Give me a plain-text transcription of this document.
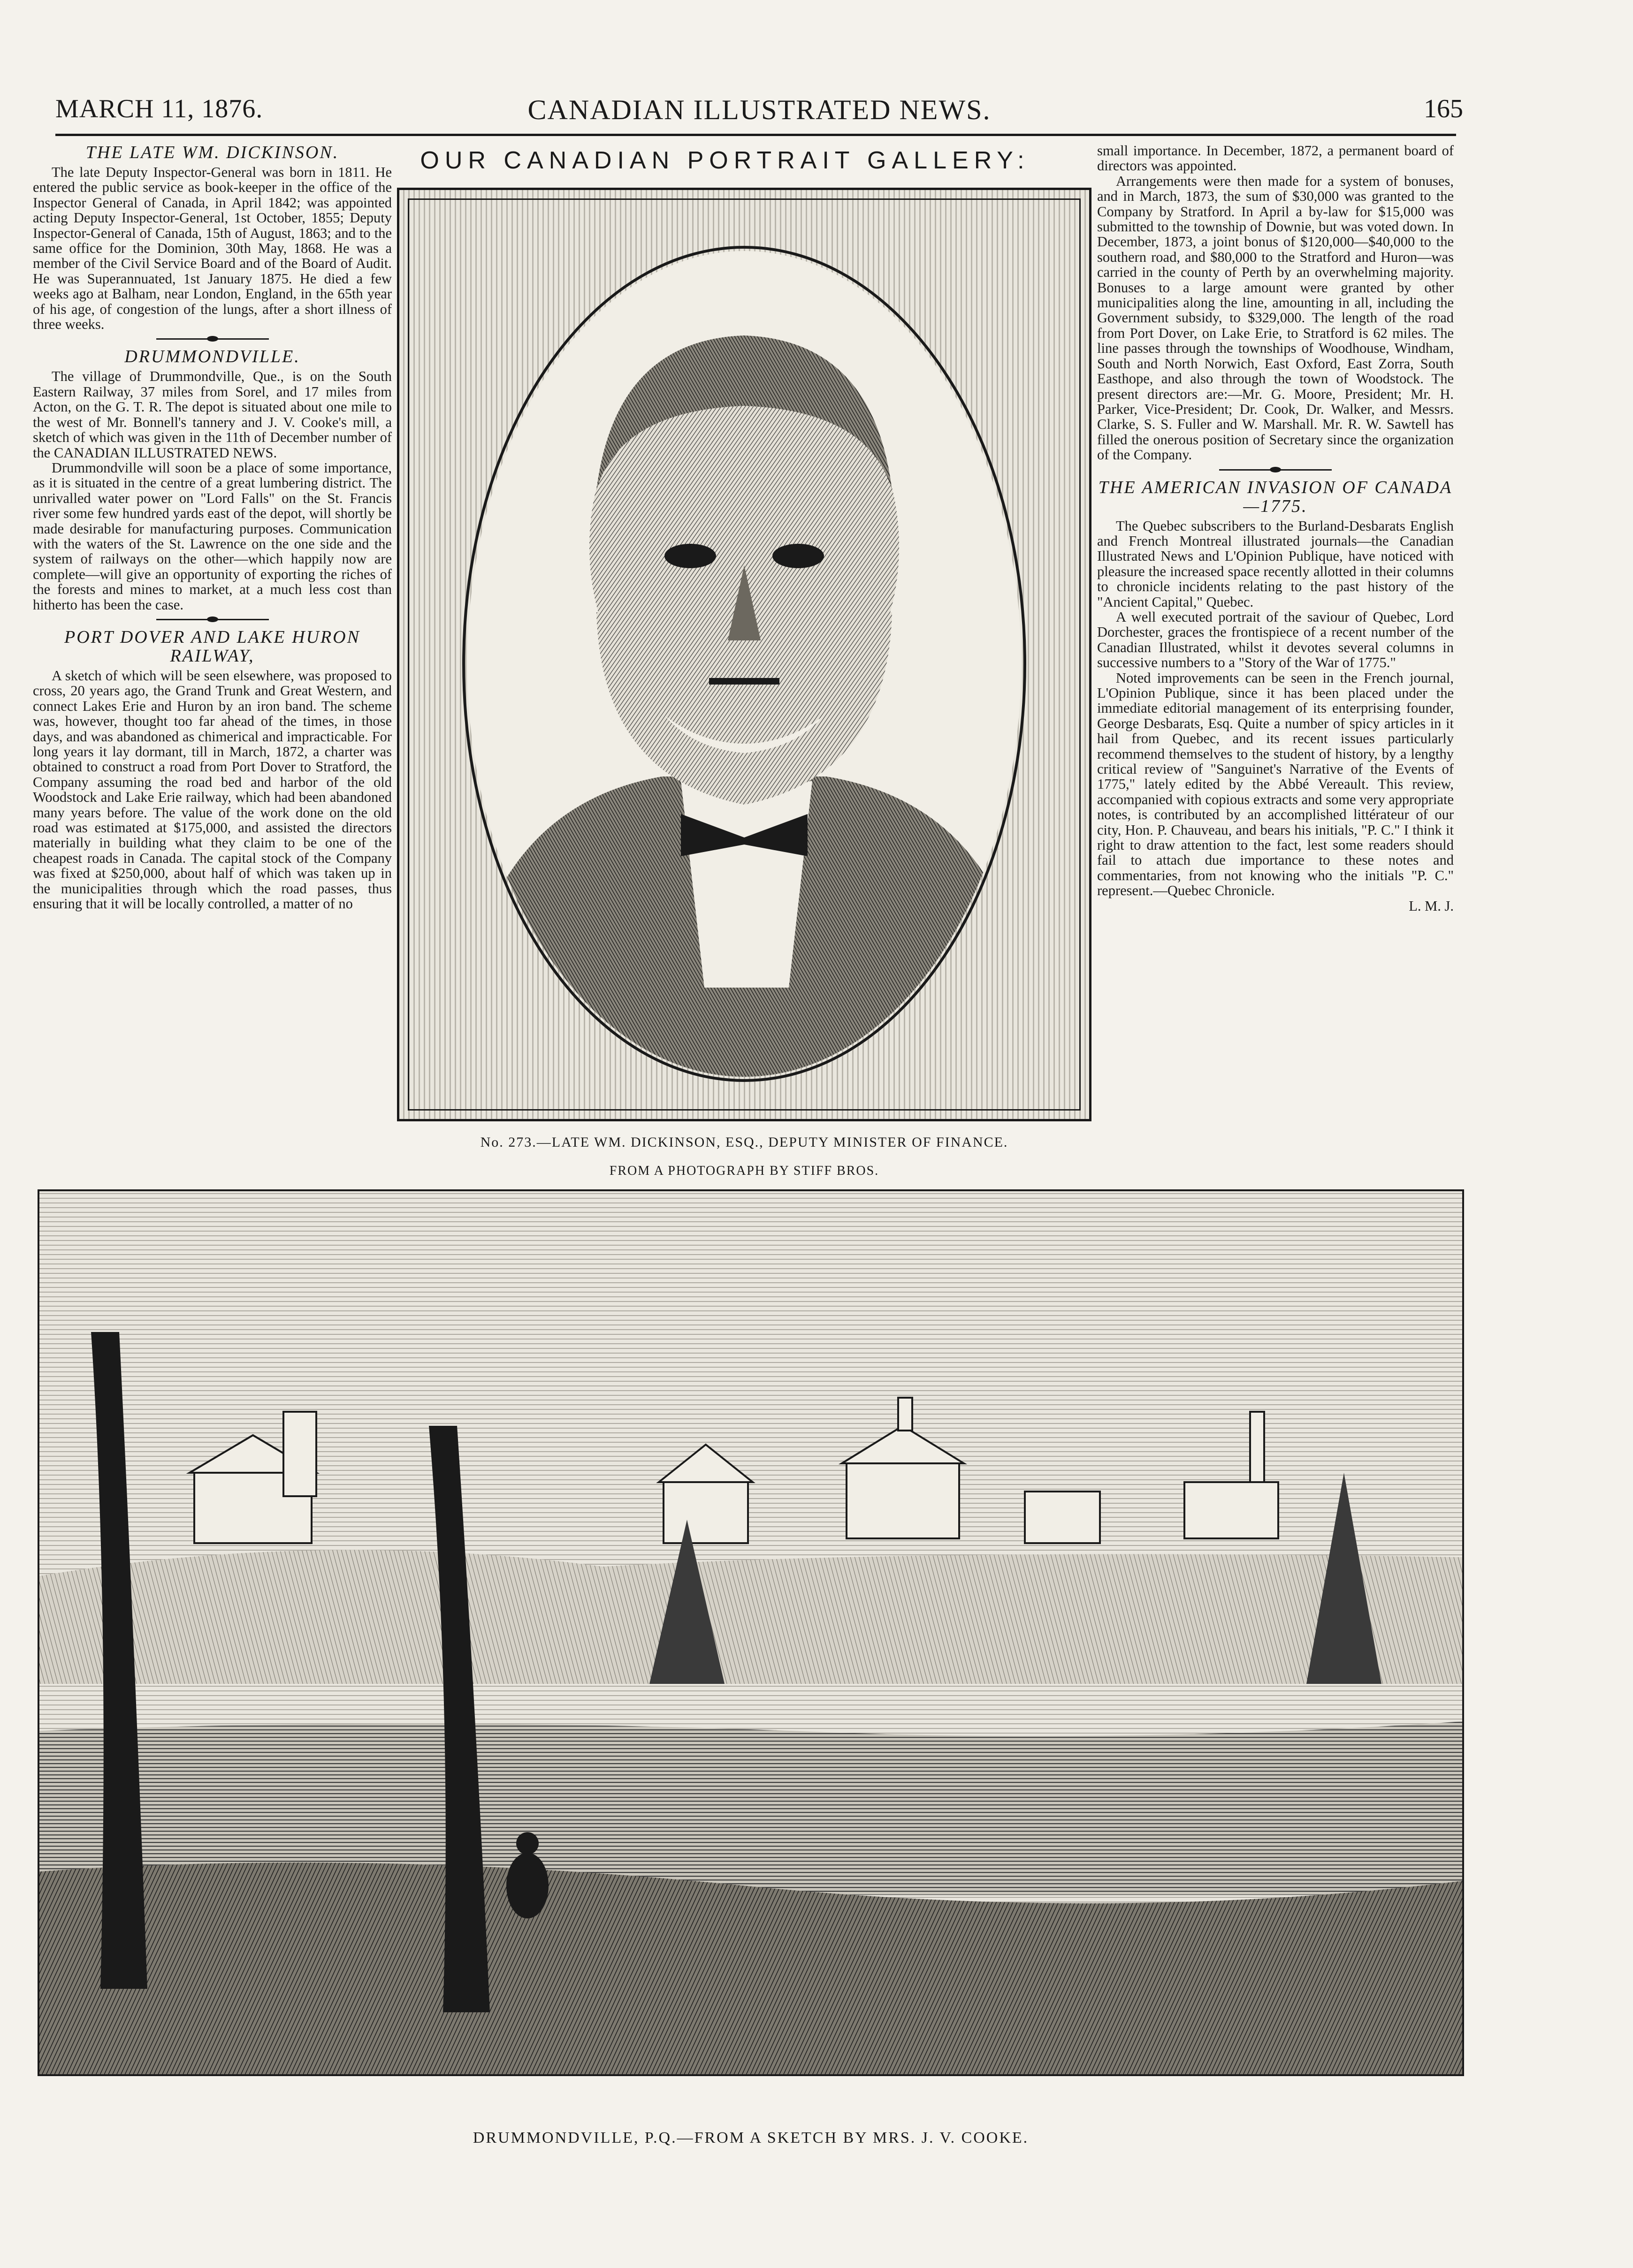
MARCH 11, 1876.	CANADIAN ILLUSTRATED NEWS.	165
THE LATE WM. DICKINSON.

The late Deputy Inspector-General was born in 1811. He entered the public service as book-keeper in the office of the Inspector General of Canada, in April 1842; was appointed acting Deputy Inspector-General, 1st October, 1855; Deputy Inspector-General of Canada, 15th of August, 1863; and to the same office for the Dominion, 30th May, 1868. He was a member of the Civil Service Board and of the Board of Audit. He was Superannuated, 1st January 1875. He died a few weeks ago at Balham, near London, England, in the 65th year of his age, of congestion of the lungs, after a short illness of three weeks.

DRUMMONDVILLE.

The village of Drummondville, Que., is on the South Eastern Railway, 37 miles from Sorel, and 17 miles from Acton, on the G. T. R. The depot is situated about one mile to the west of Mr. Bonnell's tannery and J. V. Cooke's mill, a sketch of which was given in the 11th of December number of the CANADIAN ILLUSTRATED NEWS.

Drummondville will soon be a place of some importance, as it is situated in the centre of a great lumbering district. The unrivalled water power on "Lord Falls" on the St. Francis river some few hundred yards east of the depot, will shortly be made desirable for manufacturing purposes. Communication with the waters of the St. Lawrence on the one side and the system of railways on the other—which happily now are complete—will give an opportunity of exporting the riches of the forests and mines to market, at a much less cost than hitherto has been the case.

PORT DOVER AND LAKE HURON RAILWAY,

A sketch of which will be seen elsewhere, was proposed to cross, 20 years ago, the Grand Trunk and Great Western, and connect Lakes Erie and Huron by an iron band. The scheme was, however, thought too far ahead of the times, in those days, and was abandoned as chimerical and impracticable. For long years it lay dormant, till in March, 1872, a charter was obtained to construct a road from Port Dover to Stratford, the Company assuming the road bed and harbor of the old Woodstock and Lake Erie railway, which had been abandoned many years before. The value of the work done on the old road was estimated at $175,000, and assisted the directors materially in building what they claim to be one of the cheapest roads in Canada. The capital stock of the Company was fixed at $250,000, about half of which was taken up in the municipalities through which the road passes, thus ensuring that it will be locally controlled, a matter of no

OUR CANADIAN PORTRAIT GALLERY:
No. 273.—LATE WM. DICKINSON, ESQ., DEPUTY MINISTER OF FINANCE.
FROM A PHOTOGRAPH BY STIFF BROS.

small importance. In December, 1872, a permanent board of directors was appointed.

Arrangements were then made for a system of bonuses, and in March, 1873, the sum of $30,000 was granted to the Company by Stratford. In April a by-law for $15,000 was submitted to the township of Downie, but was voted down. In December, 1873, a joint bonus of $120,000—$40,000 to the southern road, and $80,000 to the Stratford and Huron—was carried in the county of Perth by an overwhelming majority. Bonuses to a large amount were granted by other municipalities along the line, amounting in all, including the Government subsidy, to $329,000. The length of the road from Port Dover, on Lake Erie, to Stratford is 62 miles. The line passes through the townships of Woodhouse, Windham, South and North Norwich, East Oxford, East Zorra, South Easthope, and also through the town of Woodstock. The present directors are:—Mr. G. Moore, President; Mr. H. Parker, Vice-President; Dr. Cook, Dr. Walker, and Messrs. Clarke, S. S. Fuller and W. Marshall. Mr. R. W. Sawtell has filled the onerous position of Secretary since the organization of the Company.

THE AMERICAN INVASION OF CANADA—1775.

The Quebec subscribers to the Burland-Desbarats English and French Montreal illustrated journals—the Canadian Illustrated News and L'Opinion Publique, have noticed with pleasure the increased space recently allotted in their columns to chronicle incidents relating to the past history of the "Ancient Capital," Quebec.

A well executed portrait of the saviour of Quebec, Lord Dorchester, graces the frontispiece of a recent number of the Canadian Illustrated, whilst it devotes several columns in successive numbers to a "Story of the War of 1775."

Noted improvements can be seen in the French journal, L'Opinion Publique, since it has been placed under the immediate editorial management of its enterprising founder, George Desbarats, Esq. Quite a number of spicy articles in it hail from Quebec, and its recent issues particularly recommend themselves to the student of history, by a lengthy critical review of "Sanguinet's Narrative of the Events of 1775," lately edited by the Abbé Vereault. This review, accompanied with copious extracts and some very appropriate notes, is contributed by an accomplished littérateur of our city, Hon. P. Chauveau, and bears his initials, "P. C." I think it right to draw attention to the fact, lest some readers should fail to attach due importance to these notes and commentaries, from not knowing who the initials "P. C." represent.—Quebec Chronicle.

L. M. J.

DRUMMONDVILLE, P.Q.—FROM A SKETCH BY MRS. J. V. COOKE.
